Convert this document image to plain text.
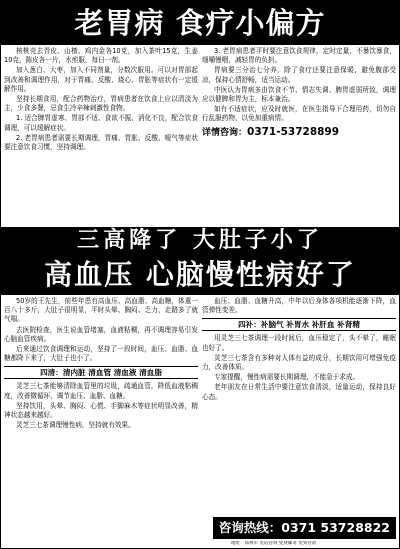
老胃病 食疗小偏方

核桃壳去青皮、山楂、鸡内金各10克，加入茶叶15克，生姜10克，陈皮各一片，水煎服，每日一剂。

加入葱白、大枣，加入不同剂量，分数次服用。可以对胃部起到改善和调理作用，对于胃痛、反酸、烧心、胃胀等症状有一定缓解作用。

坚持长期食用，配合药物治疗，胃病患者在饮食上应以清淡为主，少食多餐，忌食生冷辛辣刺激性食物。

1. 适合脾胃虚寒、胃部不适、食欲不振、消化不良，配合饮食调理，可以缓解症状。

2. 老胃病患者需要长期调理，胃痛、胃胀、反酸、嗳气等症状要注意饮食习惯，坚持调理。

3. 老胃病患者平时要注意饮食规律，定时定量，不暴饮暴食，细嚼慢咽，减轻胃的负担。

胃病要三分治七分养，除了食疗还要注意保暖，避免腹部受凉，保持心情舒畅，适当运动。

中医认为胃病多由饮食不节、情志失调、脾胃虚弱所致，调理应以健脾和胃为主，标本兼治。

如有不适症状，应及时就医，在医生指导下合理用药，切勿自行乱服药物，以免加重病情。

详情咨询：0371-53728899
三高降了 大肚子小了
高血压 心脑慢性病好了

50岁的王先生，前些年患有高血压、高血脂、高血糖，体重一百八十多斤，大肚子很明显，平时头晕、胸闷、乏力，走路多了就气喘。

去医院检查，医生说血管堵塞，血液粘稠，再不调理容易引发心脑血管疾病。

后来通过饮食调理和运动，坚持了一段时间，血压、血脂、血糖都降下来了，大肚子也小了。

四清：清内脏 清血管 清血液 清血脂

灵芝三七茶能够清除血管里的垃圾，疏通血管，降低血液粘稠度，改善微循环，调节血压、血脂、血糖。

坚持饮用，头晕、胸闷、心慌、手脚麻木等症状明显改善，精神状态越来越好。

灵芝三七茶调理慢性病，坚持就有效果。

血压、血脂、血糖升高，中年以后身体各项机能逐渐下降，血管弹性变差。

四补：补脑气 补胃水 补肝血 补肾精

用灵芝三七茶调理一段时间后，血压稳定了，头不晕了，睡眠也好了。

灵芝三七茶含有多种对人体有益的成分，长期饮用可增强免疫力，改善体质。

专家提醒，慢性病需要长期调理，不能急于求成。

老年朋友在日常生活中要注意饮食清淡，适量运动，保持良好心态。

咨询热线：0371 53728822
地址：郑州市 电话咨询 免费邮寄 货到付款
